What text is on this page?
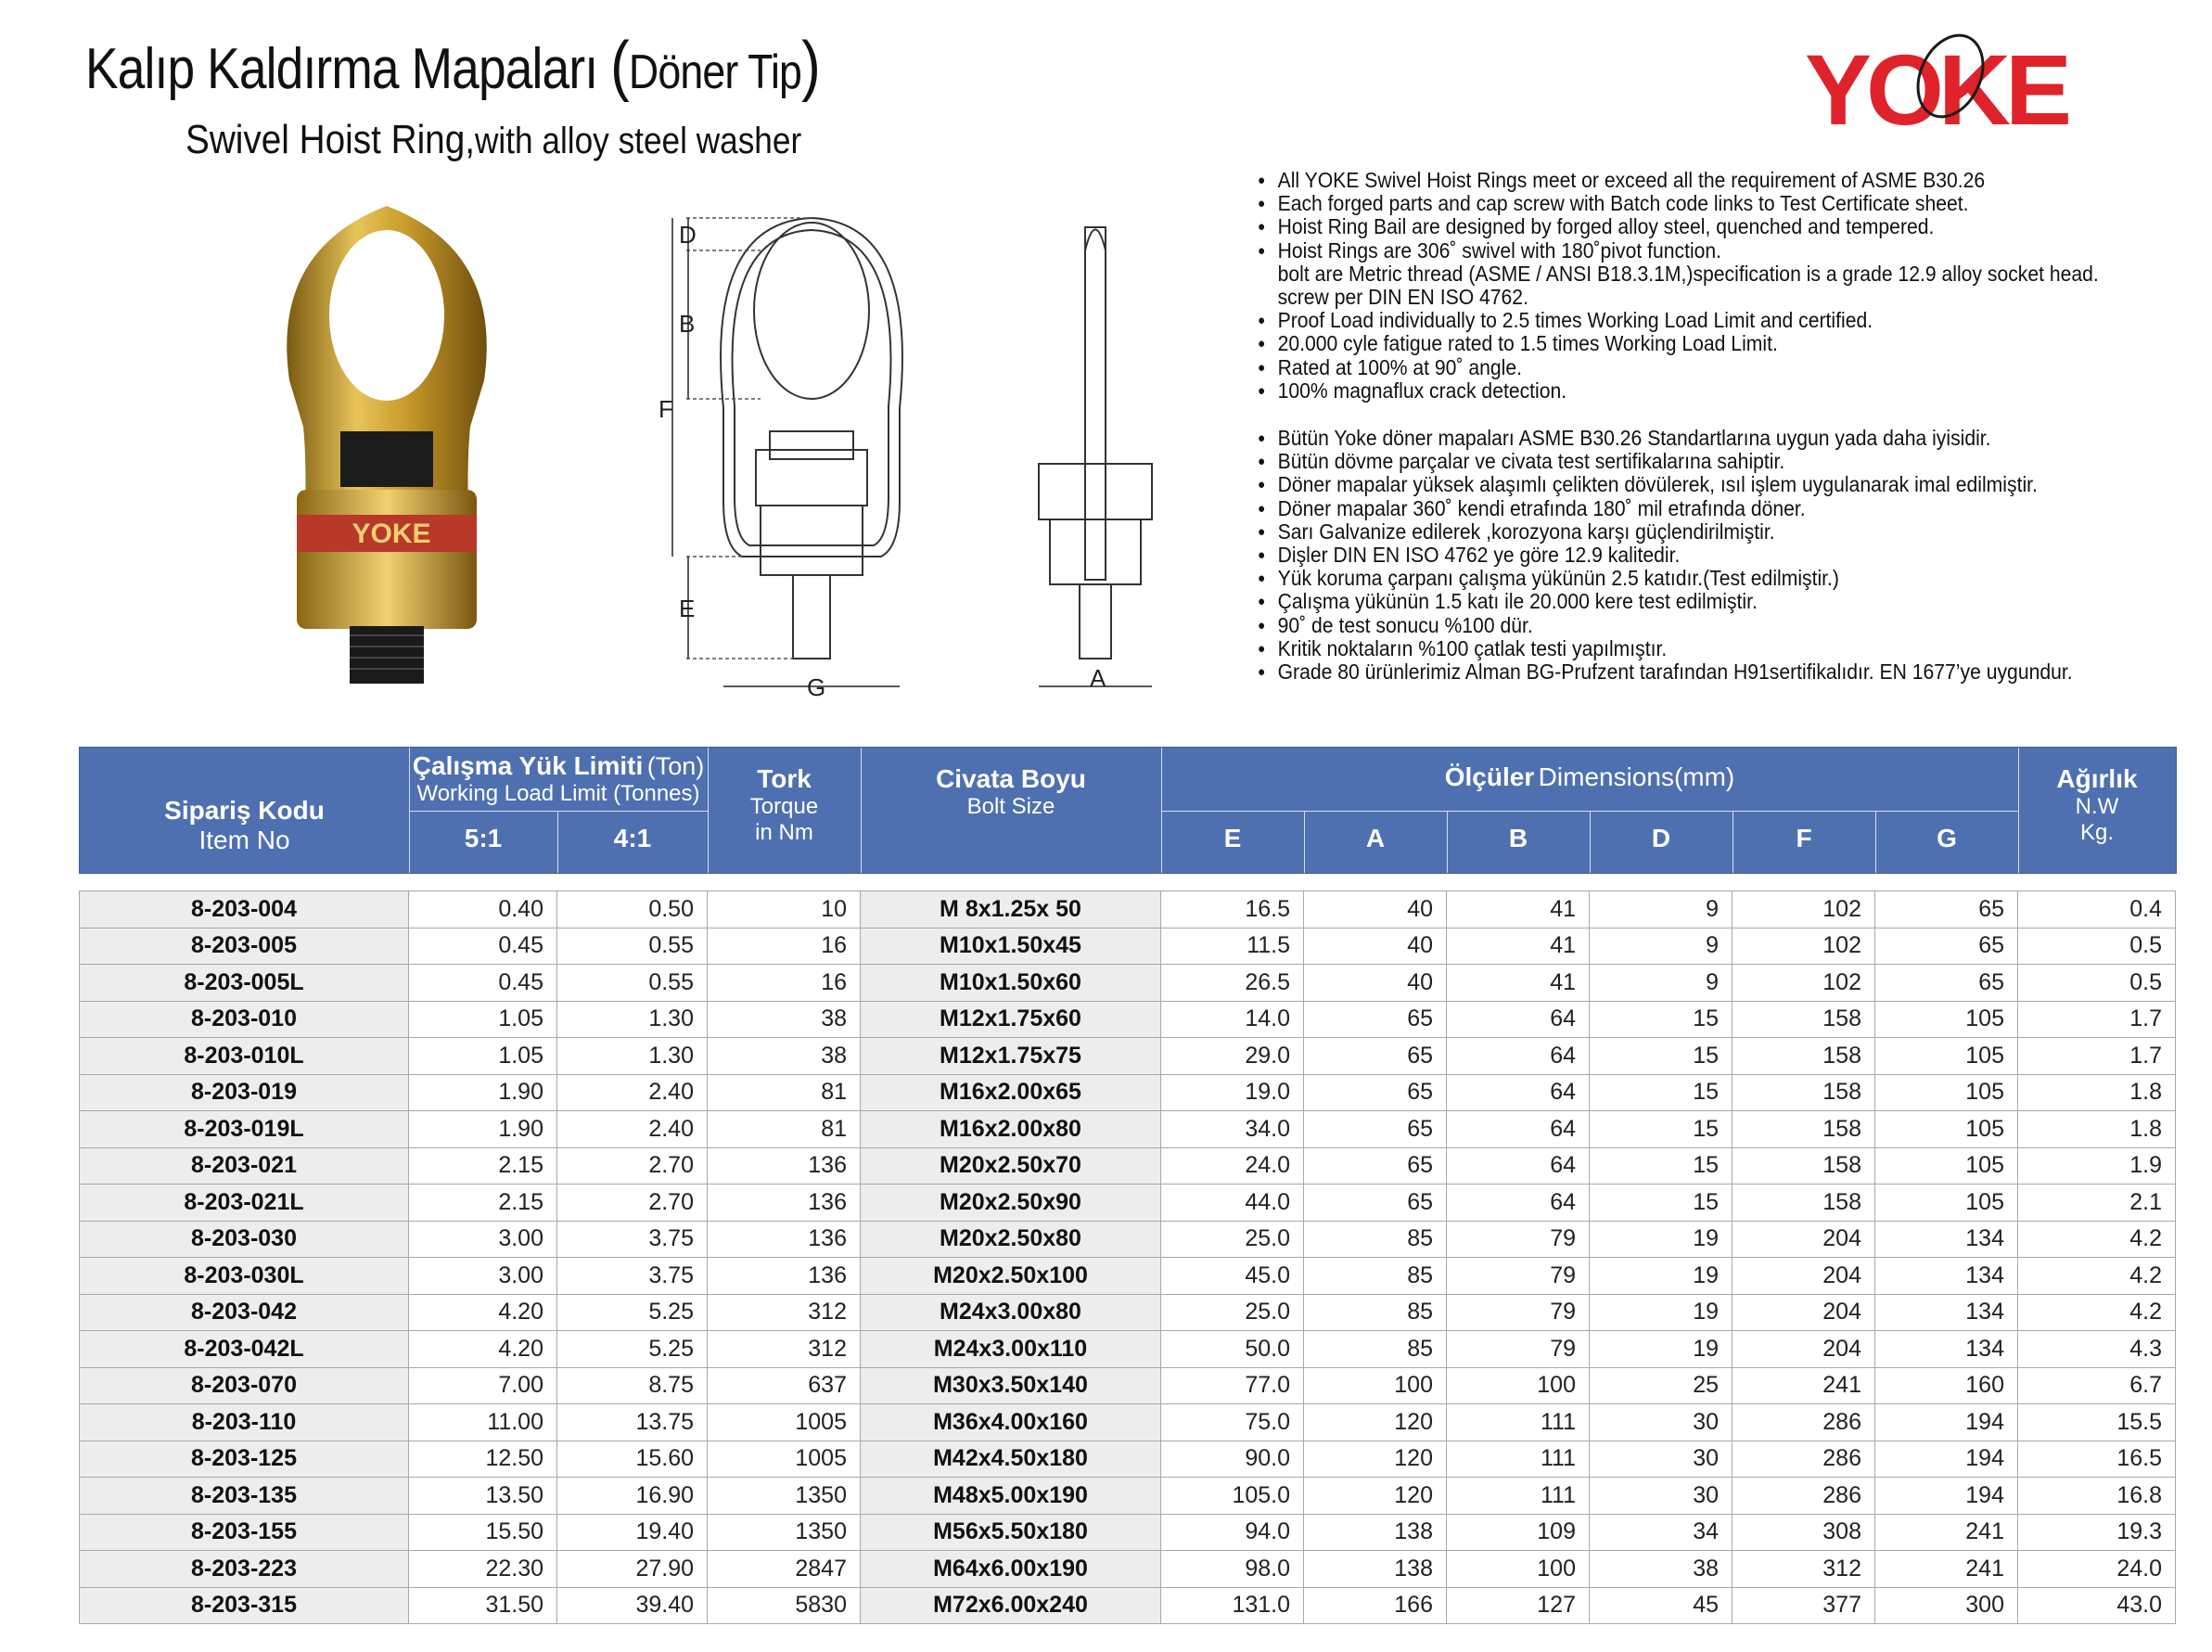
Kalıp Kaldırma Mapaları (Döner Tip)
Swivel Hoist Ring,with alloy steel washer	YOKE
YOKE
D
B
F
E
G	A
● All YOKE Swivel Hoist Rings meet or exceed all the requirement of ASME B30.26
● Each forged parts and cap screw with Batch code links to Test Certificate sheet.
● Hoist Ring Bail are designed by forged alloy steel, quenched and tempered.
● Hoist Rings are 306˚ swivel with 180˚pivot function.
bolt are Metric thread (ASME / ANSI B18.3.1M,)specification is a grade 12.9 alloy socket head.
screw per DIN EN ISO 4762.
● Proof Load individually to 2.5 times Working Load Limit and certified.
● 20.000 cyle fatigue rated to 1.5 times Working Load Limit.
● Rated at 100% at 90˚ angle.
● 100% magnaflux crack detection.
● Bütün Yoke döner mapaları ASME B30.26 Standartlarına uygun yada daha iyisidir.
● Bütün dövme parçalar ve civata test sertifikalarına sahiptir.
● Döner mapalar yüksek alaşımlı çelikten dövülerek, ısıl işlem uygulanarak imal edilmiştir.
● Döner mapalar 360˚ kendi etrafında 180˚ mil etrafında döner.
● Sarı Galvanize edilerek ,korozyona karşı güçlendirilmiştir.
● Dişler DIN EN ISO 4762 ye göre 12.9 kalitedir.
● Yük koruma çarpanı çalışma yükünün 2.5 katıdır.(Test edilmiştir.)
● Çalışma yükünün 1.5 katı ile 20.000 kere test edilmiştir.
● 90˚ de test sonucu %100 dür.
● Kritik noktaların %100 çatlak testi yapılmıştır.
● Grade 80 ürünlerimiz Alman BG-Prufzent tarafından H91sertifikalıdır. EN 1677’ye uygundur.
Sipariş Kodu
Item No
Çalışma Yük Limiti (Ton)
Working Load Limit (Tonnes)
5:1	4:1
Tork
Torque
in Nm
Civata Boyu
Bolt Size
Ölçüler Dimensions(mm)
E	A	B	D	F	G
Ağırlık
N.W
Kg.
8-203-004	0.40	0.50	10	M 8x1.25x 50	16.5	40	41	9	102	65	0.4
8-203-005	0.45	0.55	16	M10x1.50x45	11.5	40	41	9	102	65	0.5
8-203-005L	0.45	0.55	16	M10x1.50x60	26.5	40	41	9	102	65	0.5
8-203-010	1.05	1.30	38	M12x1.75x60	14.0	65	64	15	158	105	1.7
8-203-010L	1.05	1.30	38	M12x1.75x75	29.0	65	64	15	158	105	1.7
8-203-019	1.90	2.40	81	M16x2.00x65	19.0	65	64	15	158	105	1.8
8-203-019L	1.90	2.40	81	M16x2.00x80	34.0	65	64	15	158	105	1.8
8-203-021	2.15	2.70	136	M20x2.50x70	24.0	65	64	15	158	105	1.9
8-203-021L	2.15	2.70	136	M20x2.50x90	44.0	65	64	15	158	105	2.1
8-203-030	3.00	3.75	136	M20x2.50x80	25.0	85	79	19	204	134	4.2
8-203-030L	3.00	3.75	136	M20x2.50x100	45.0	85	79	19	204	134	4.2
8-203-042	4.20	5.25	312	M24x3.00x80	25.0	85	79	19	204	134	4.2
8-203-042L	4.20	5.25	312	M24x3.00x110	50.0	85	79	19	204	134	4.3
8-203-070	7.00	8.75	637	M30x3.50x140	77.0	100	100	25	241	160	6.7
8-203-110	11.00	13.75	1005	M36x4.00x160	75.0	120	111	30	286	194	15.5
8-203-125	12.50	15.60	1005	M42x4.50x180	90.0	120	111	30	286	194	16.5
8-203-135	13.50	16.90	1350	M48x5.00x190	105.0	120	111	30	286	194	16.8
8-203-155	15.50	19.40	1350	M56x5.50x180	94.0	138	109	34	308	241	19.3
8-203-223	22.30	27.90	2847	M64x6.00x190	98.0	138	100	38	312	241	24.0
8-203-315	31.50	39.40	5830	M72x6.00x240	131.0	166	127	45	377	300	43.0
